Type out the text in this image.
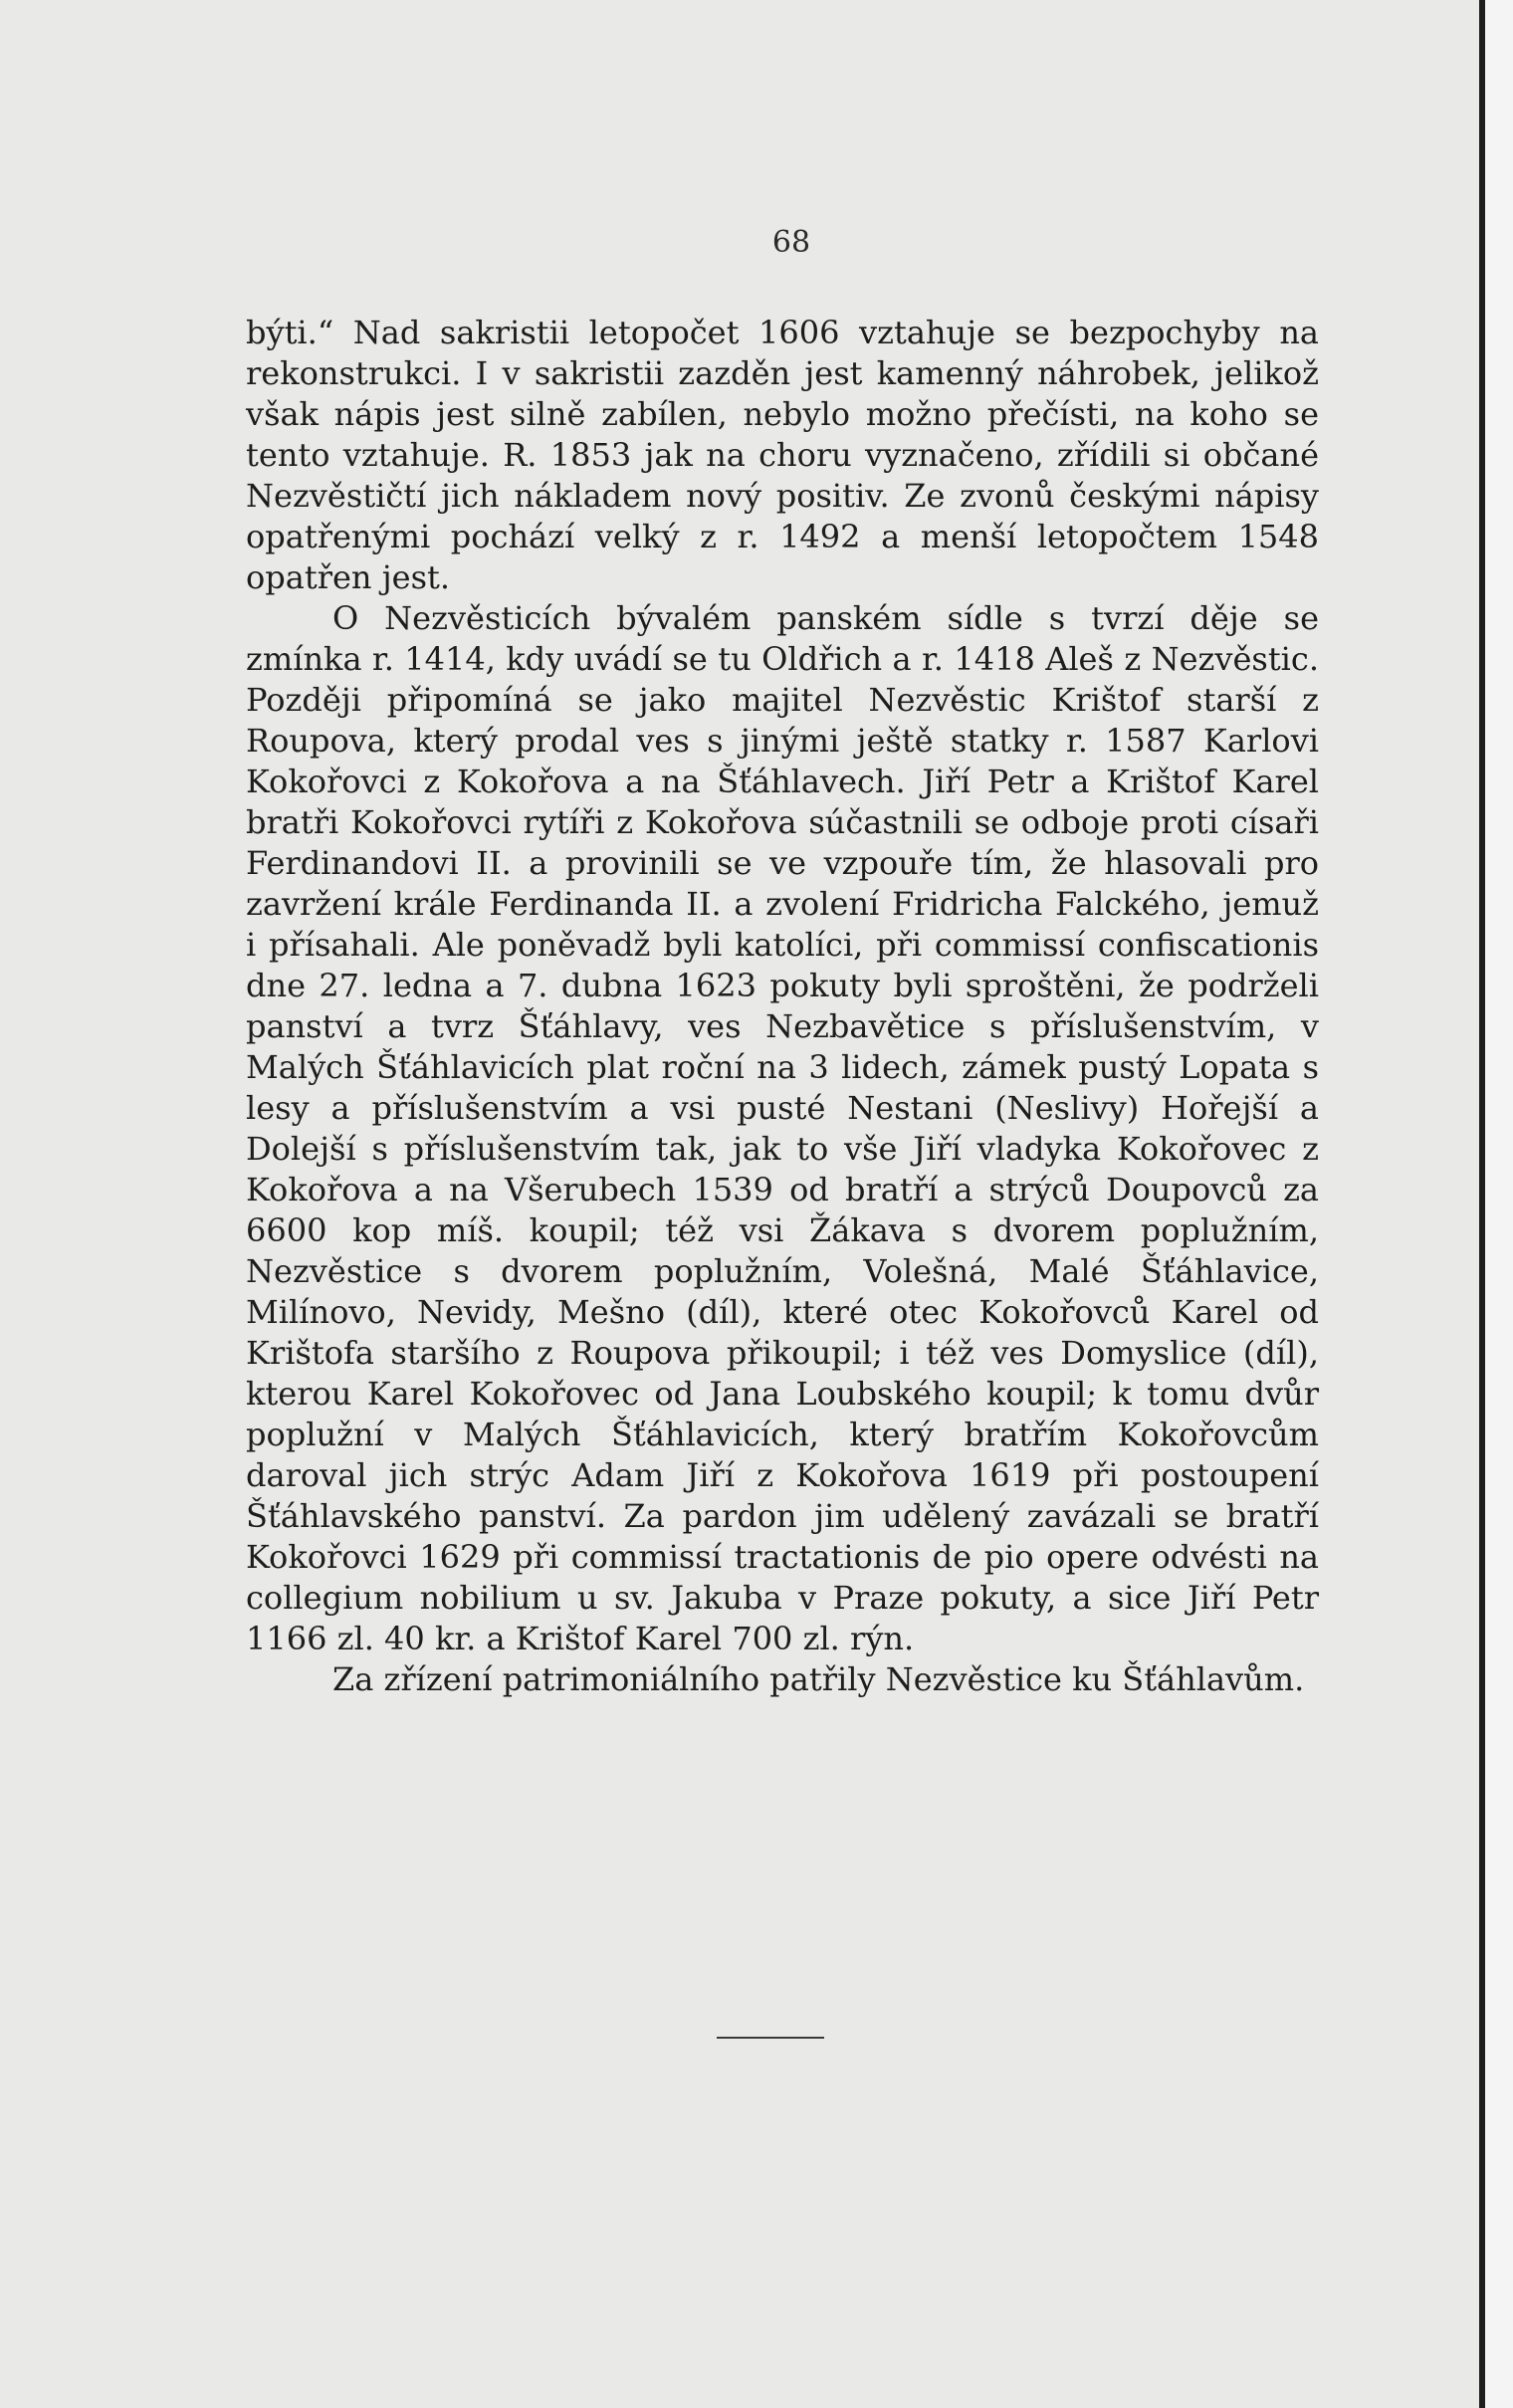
68

býti.“ Nad sakristii letopočet 1606 vztahuje se bezpochyby na rekonstrukci. I v sakristii zazděn jest kamenný náhrobek, jelikož však nápis jest silně zabílen, nebylo možno přečísti, na koho se tento vztahuje. R. 1853 jak na choru vyznačeno, zřídili si občané Nezvěstičtí jich nákladem nový positiv. Ze zvonů českými nápisy opatřenými pochází velký z r. 1492 a menší letopočtem 1548 opatřen jest.

O Nezvěsticích bývalém panském sídle s tvrzí děje se zmínka r. 1414, kdy uvádí se tu Oldřich a r. 1418 Aleš z Nezvěstic. Později připomíná se jako majitel Nezvěstic Krištof starší z Roupova, který prodal ves s jinými ještě statky r. 1587 Karlovi Kokořovci z Kokořova a na Šťáhlavech. Jiří Petr a Krištof Karel bratři Kokořovci rytíři z Kokořova súčastnili se odboje proti císaři Ferdinandovi II. a provinili se ve vzpouře tím, že hlasovali pro zavržení krále Ferdinanda II. a zvolení Fridricha Falckého, jemuž i přísahali. Ale poněvadž byli katolíci, při commissí confiscationis dne 27. ledna a 7. dubna 1623 pokuty byli sproštěni, že podrželi panství a tvrz Šťáhlavy, ves Nezbavětice s příslušenstvím, v Malých Šťáhlavicích plat roční na 3 lidech, zámek pustý Lopata s lesy a příslušenstvím a vsi pusté Nestani (Neslivy) Hořejší a Dolejší s příslušenstvím tak, jak to vše Jiří vladyka Kokořovec z Kokořova a na Všerubech 1539 od bratří a strýců Doupovců za 6600 kop míš. koupil; též vsi Žákava s dvorem poplužním, Nezvěstice s dvorem poplužním, Volešná, Malé Šťáhlavice, Milínovo, Nevidy, Mešno (díl), které otec Kokořovců Karel od Krištofa staršího z Roupova přikoupil; i též ves Domyslice (díl), kterou Karel Kokořovec od Jana Loubského koupil; k tomu dvůr poplužní v Malých Šťáhlavicích, který bratřím Kokořovcům daroval jich strýc Adam Jiří z Kokořova 1619 při postoupení Šťáhlavského panství. Za pardon jim udělený zavázali se bratří Kokořovci 1629 při commissí tractationis de pio opere odvésti na collegium nobilium u sv. Jakuba v Praze pokuty, a sice Jiří Petr 1166 zl. 40 kr. a Krištof Karel 700 zl. rýn.

Za zřízení patrimoniálního patřily Nezvěstice ku Šťáhlavům.
